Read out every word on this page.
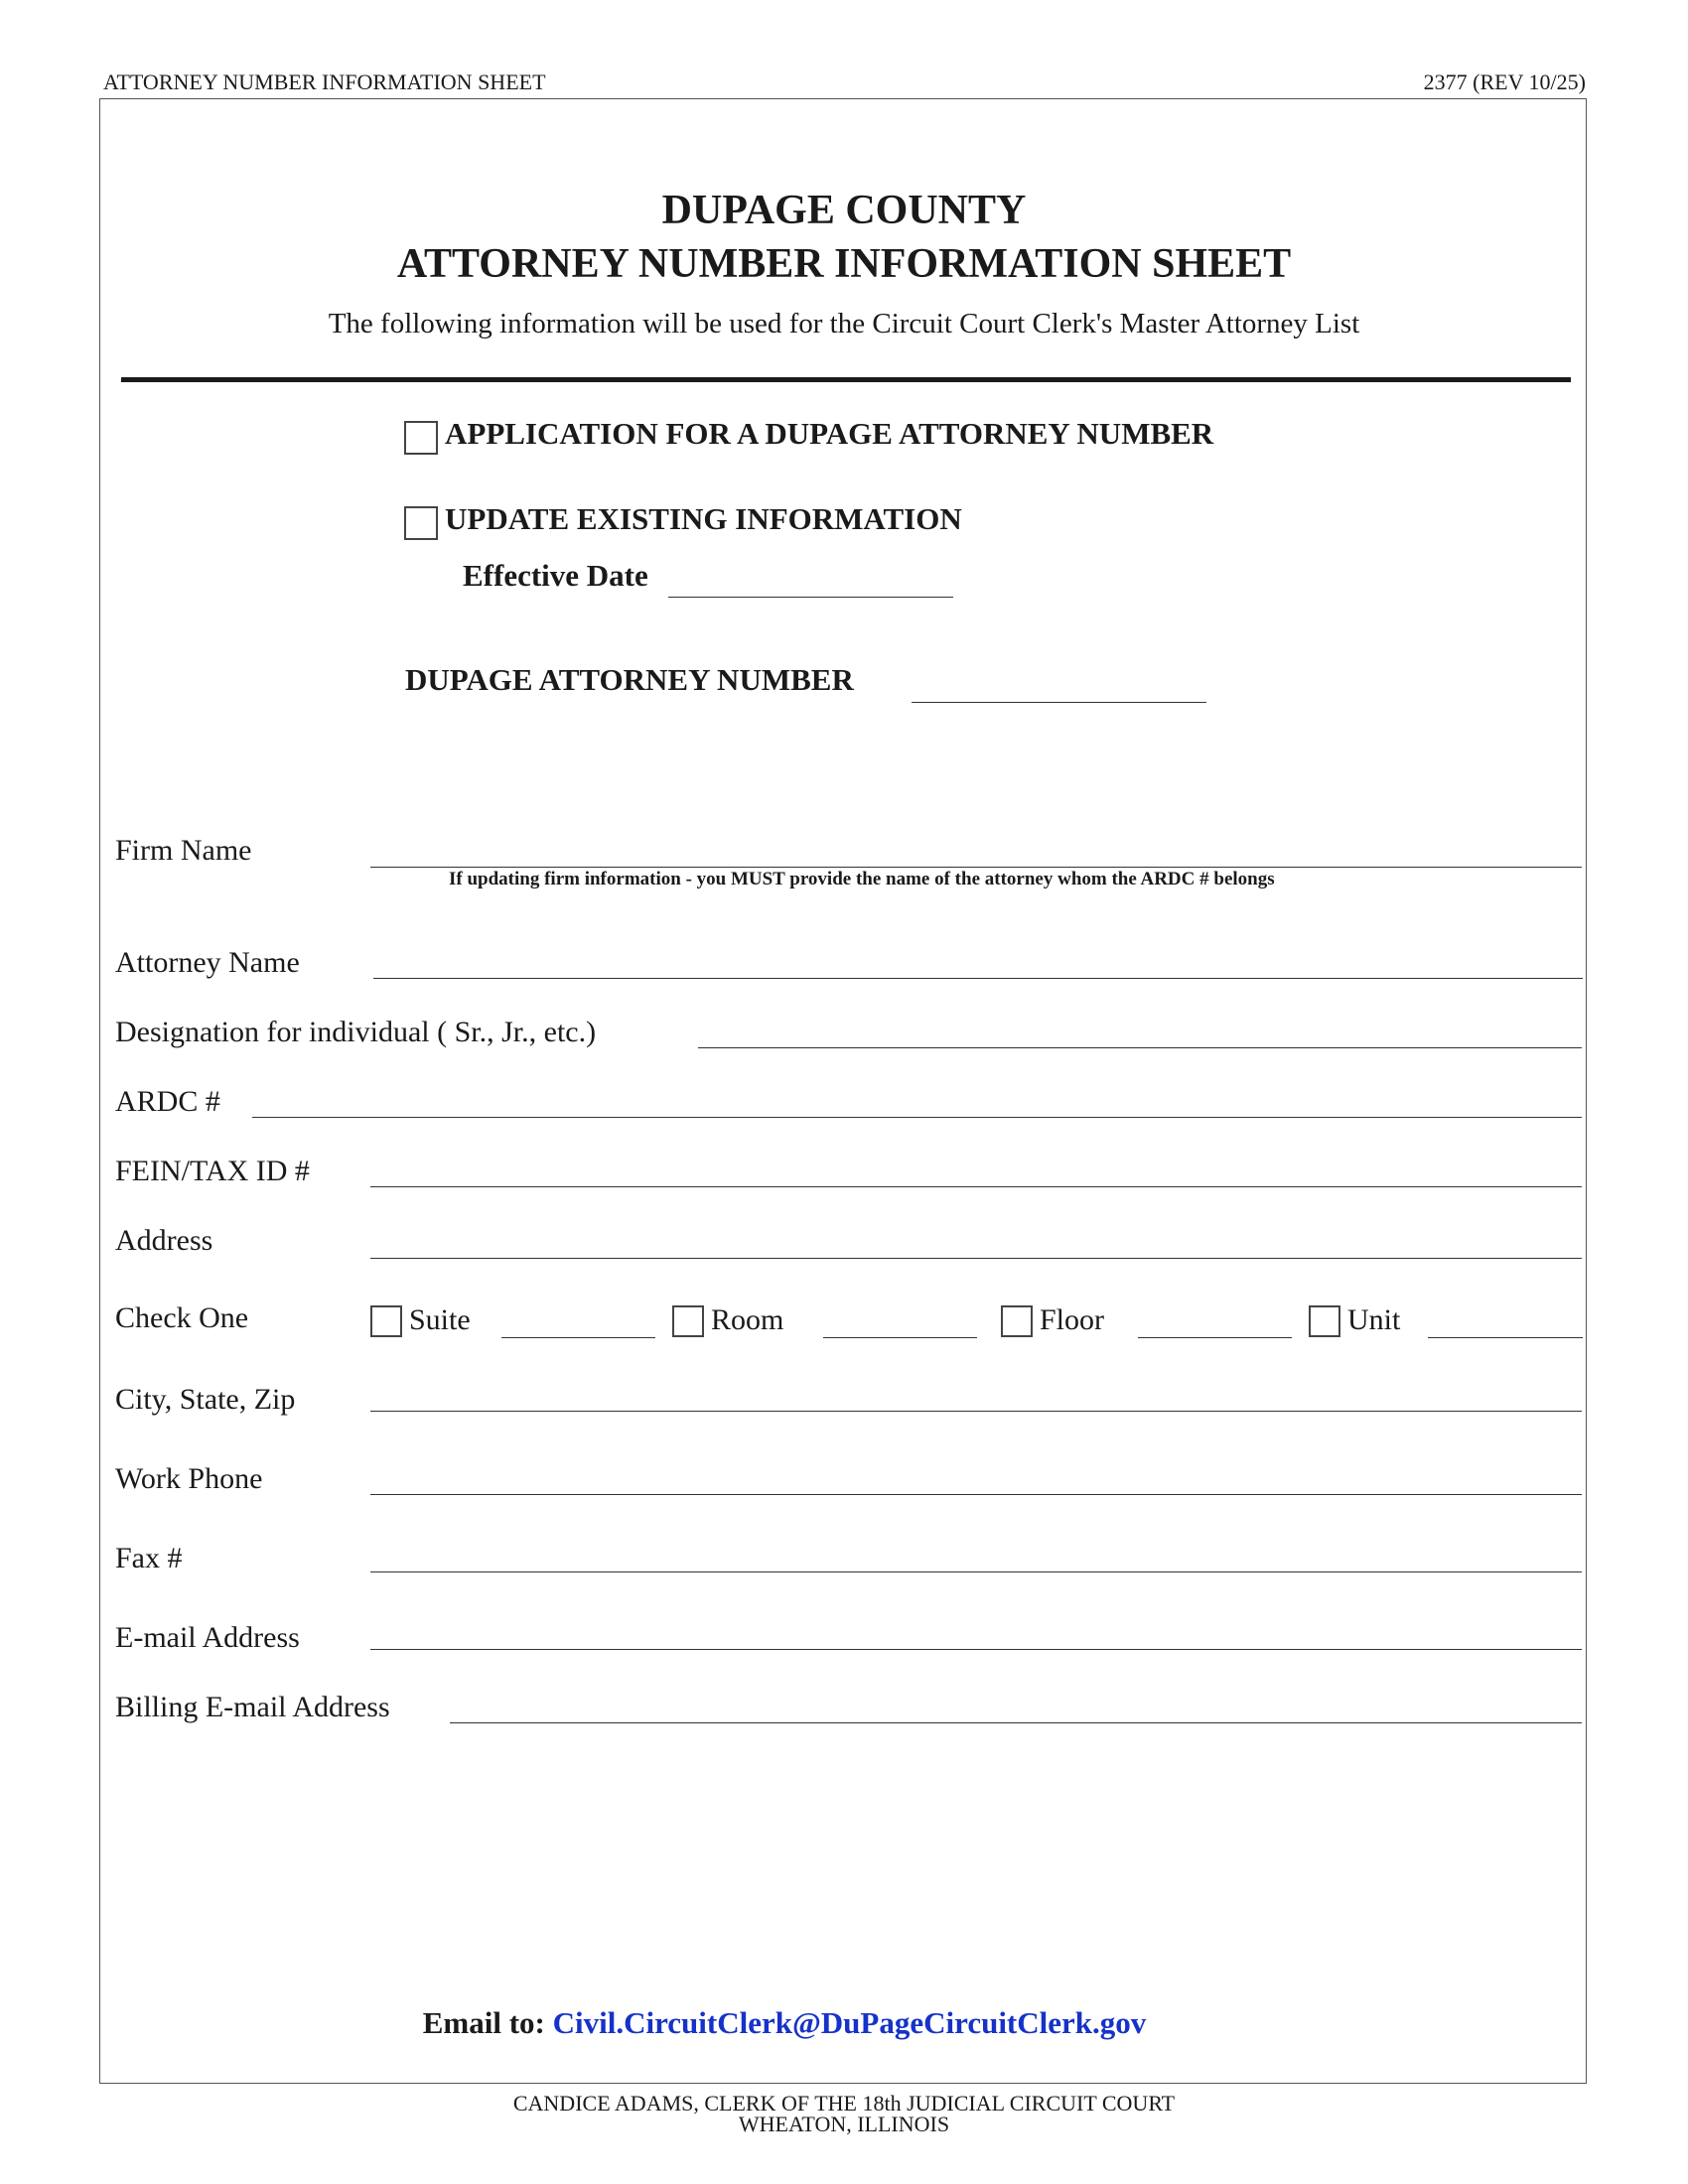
ATTORNEY NUMBER INFORMATION SHEET	2377 (REV 10/25)
DUPAGE COUNTY
ATTORNEY NUMBER INFORMATION SHEET
The following information will be used for the Circuit Court Clerk's Master Attorney List
APPLICATION FOR A DUPAGE ATTORNEY NUMBER
UPDATE EXISTING INFORMATION
Effective Date
DUPAGE ATTORNEY NUMBER
Firm Name
If updating firm information - you MUST provide the name of the attorney whom the ARDC # belongs
Attorney Name
Designation for individual ( Sr., Jr., etc.)
ARDC #
FEIN/TAX ID #
Address
Check One	Suite	Room	Floor	Unit
City, State, Zip
Work Phone
Fax #
E-mail Address
Billing E-mail Address
Email to: Civil.CircuitClerk@DuPageCircuitClerk.gov
CANDICE ADAMS, CLERK OF THE 18th JUDICIAL CIRCUIT COURT
WHEATON, ILLINOIS
